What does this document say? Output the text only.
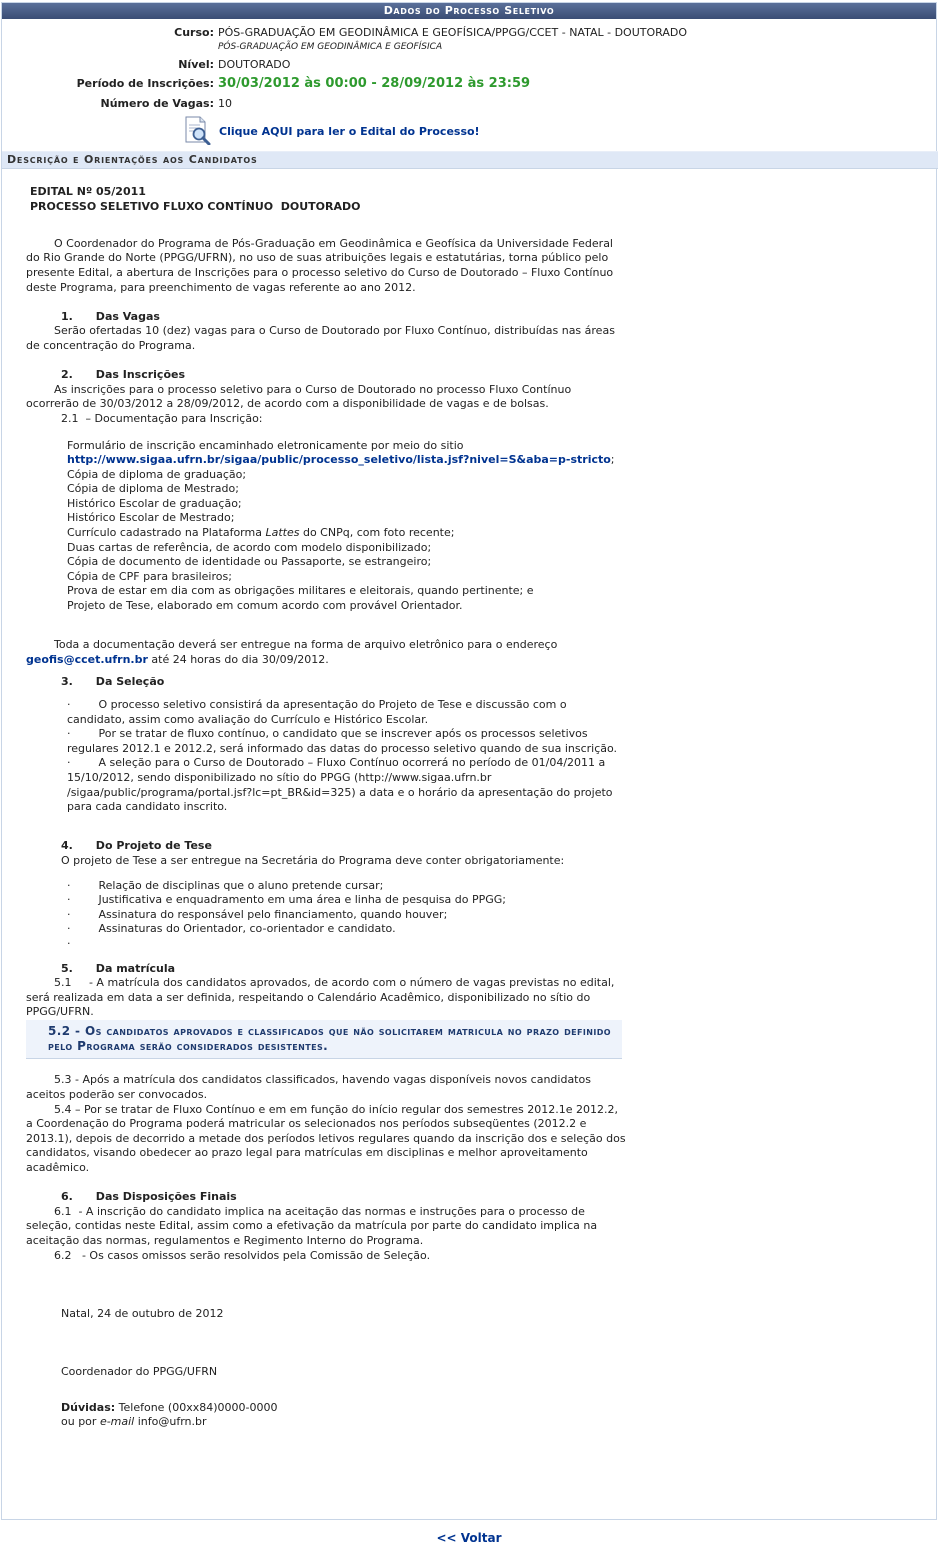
Dados do Processo Seletivo
Curso: PÓS-GRADUAÇÃO EM GEODINÂMICA E GEOFÍSICA/PPGG/CCET - NATAL - DOUTORADO
PÓS-GRADUAÇÃO EM GEODINÂMICA E GEOFÍSICA
Nível: DOUTORADO
Período de Inscrições: 30/03/2012 às 00:00 - 28/09/2012 às 23:59
Número de Vagas: 10
Clique AQUI para ler o Edital do Processo!
Descrição e Orientações aos Candidatos

EDITAL Nº 05/2011

PROCESSO SELETIVO FLUXO CONTÍNUO  DOUTORADO

O Coordenador do Programa de Pós-Graduação em Geodinâmica e Geofísica da Universidade Federal do Rio Grande do Norte (PPGG/UFRN), no uso de suas atribuições legais e estatutárias, torna público pelo presente Edital, a abertura de Inscrições para o processo seletivo do Curso de Doutorado – Fluxo Contínuo deste Programa, para preenchimento de vagas referente ao ano 2012.

1.      Das Vagas

Serão ofertadas 10 (dez) vagas para o Curso de Doutorado por Fluxo Contínuo, distribuídas nas áreas de concentração do Programa.

2.      Das Inscrições

As inscrições para o processo seletivo para o Curso de Doutorado no processo Fluxo Contínuo ocorrerão de 30/03/2012 a 28/09/2012, de acordo com a disponibilidade de vagas e de bolsas.

2.1  – Documentação para Inscrição:

Formulário de inscrição encaminhado eletronicamente por meio do sitio

http://www.sigaa.ufrn.br/sigaa/public/processo_seletivo/lista.jsf?nivel=S&aba=p-stricto;

Cópia de diploma de graduação;

Cópia de diploma de Mestrado;

Histórico Escolar de graduação;

Histórico Escolar de Mestrado;

Currículo cadastrado na Plataforma Lattes do CNPq, com foto recente;

Duas cartas de referência, de acordo com modelo disponibilizado;

Cópia de documento de identidade ou Passaporte, se estrangeiro;

Cópia de CPF para brasileiros;

Prova de estar em dia com as obrigações militares e eleitorais, quando pertinente; e

Projeto de Tese, elaborado em comum acordo com provável Orientador.

Toda a documentação deverá ser entregue na forma de arquivo eletrônico para o endereço geofis@ccet.ufrn.br até 24 horas do dia 30/09/2012.

3.      Da Seleção

·        O processo seletivo consistirá da apresentação do Projeto de Tese e discussão com o candidato, assim como avaliação do Currículo e Histórico Escolar.

·        Por se tratar de fluxo contínuo, o candidato que se inscrever após os processos seletivos regulares 2012.1 e 2012.2, será informado das datas do processo seletivo quando de sua inscrição.

·        A seleção para o Curso de Doutorado – Fluxo Contínuo ocorrerá no período de 01/04/2011 a 15/10/2012, sendo disponibilizado no sítio do PPGG (http://www.sigaa.ufrn.br /sigaa/public/programa/portal.jsf?lc=pt_BR&id=325) a data e o horário da apresentação do projeto para cada candidato inscrito.

4.      Do Projeto de Tese

O projeto de Tese a ser entregue na Secretária do Programa deve conter obrigatoriamente:

·        Relação de disciplinas que o aluno pretende cursar;

·        Justificativa e enquadramento em uma área e linha de pesquisa do PPGG;

·        Assinatura do responsável pelo financiamento, quando houver;

·        Assinaturas do Orientador, co-orientador e candidato.

·

5.      Da matrícula

5.1     - A matrícula dos candidatos aprovados, de acordo com o número de vagas previstas no edital, será realizada em data a ser definida, respeitando o Calendário Acadêmico, disponibilizado no sítio do PPGG/UFRN.

5.2 - Os candidatos aprovados e classificados que não solicitarem matricula no prazo definido pelo Programa serão considerados desistentes.

5.3 - Após a matrícula dos candidatos classificados, havendo vagas disponíveis novos candidatos aceitos poderão ser convocados.

5.4 – Por se tratar de Fluxo Contínuo e em em função do início regular dos semestres 2012.1e 2012.2, a Coordenação do Programa poderá matricular os selecionados nos períodos subseqüentes (2012.2 e 2013.1), depois de decorrido a metade dos períodos letivos regulares quando da inscrição dos e seleção dos candidatos, visando obedecer ao prazo legal para matrículas em disciplinas e melhor aproveitamento acadêmico.

6.      Das Disposições Finais

6.1  - A inscrição do candidato implica na aceitação das normas e instruções para o processo de seleção, contidas neste Edital, assim como a efetivação da matrícula por parte do candidato implica na aceitação das normas, regulamentos e Regimento Interno do Programa.

6.2   - Os casos omissos serão resolvidos pela Comissão de Seleção.

Natal, 24 de outubro de 2012

Coordenador do PPGG/UFRN

Dúvidas: Telefone (00xx84)0000-0000

ou por e-mail info@ufrn.br

<< Voltar
